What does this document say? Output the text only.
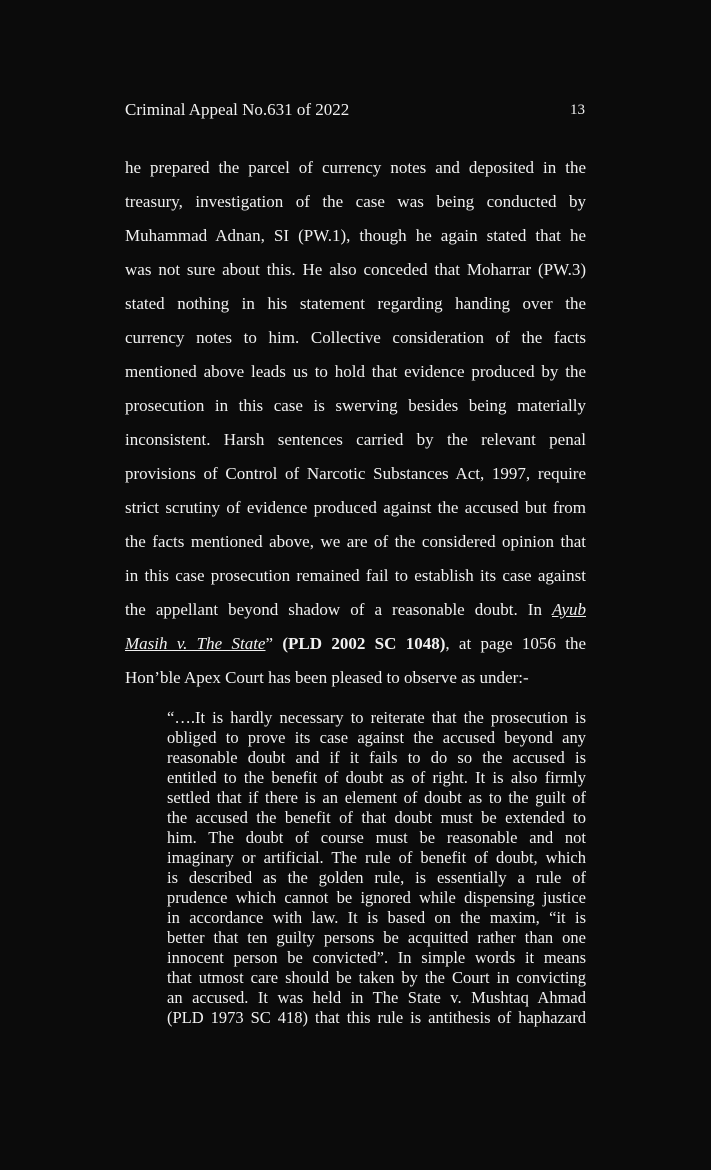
Criminal Appeal No.631 of 2022	13
he prepared the parcel of currency notes and deposited in the
treasury, investigation of the case was being conducted by
Muhammad Adnan, SI (PW.1), though he again stated that he
was not sure about this. He also conceded that Moharrar (PW.3)
stated nothing in his statement regarding handing over the
currency notes to him. Collective consideration of the facts
mentioned above leads us to hold that evidence produced by the
prosecution in this case is swerving besides being materially
inconsistent. Harsh sentences carried by the relevant penal
provisions of Control of Narcotic Substances Act, 1997, require
strict scrutiny of evidence produced against the accused but from
the facts mentioned above, we are of the considered opinion that
in this case prosecution remained fail to establish its case against
the appellant beyond shadow of a reasonable doubt. In Ayub
Masih v. The State” (PLD 2002 SC 1048), at page 1056 the
Hon’ble Apex Court has been pleased to observe as under:-
“….It is hardly necessary to reiterate that the prosecution is
obliged to prove its case against the accused beyond any
reasonable doubt and if it fails to do so the accused is
entitled to the benefit of doubt as of right. It is also firmly
settled that if there is an element of doubt as to the guilt of
the accused the benefit of that doubt must be extended to
him. The doubt of course must be reasonable and not
imaginary or artificial. The rule of benefit of doubt, which
is described as the golden rule, is essentially a rule of
prudence which cannot be ignored while dispensing justice
in accordance with law. It is based on the maxim, “it is
better that ten guilty persons be acquitted rather than one
innocent person be convicted”. In simple words it means
that utmost care should be taken by the Court in convicting
an accused. It was held in The State v. Mushtaq Ahmad
(PLD 1973 SC 418) that this rule is antithesis of haphazard
